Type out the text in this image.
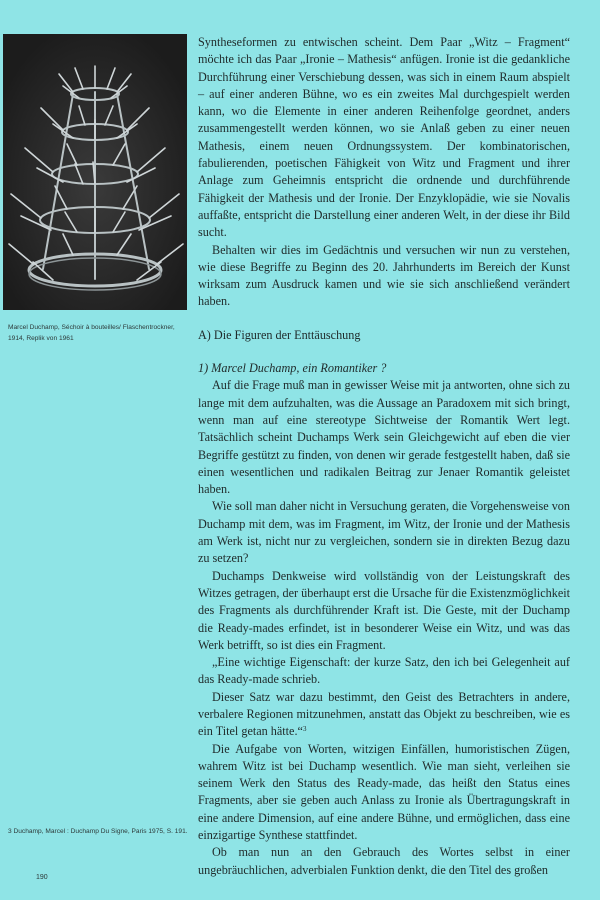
Marcel Duchamp, Séchoir à bouteilles/ Flaschentrockner, 1914, Replik von 1961
3 Duchamp, Marcel : Duchamp Du Signe, Paris 1975, S. 191.
190

Syntheseformen zu entwischen scheint. Dem Paar „Witz – Fragment“ möchte ich das Paar „Ironie – Mathesis“ anfügen. Ironie ist die gedankliche Durchführung einer Verschiebung dessen, was sich in einem Raum abspielt – auf einer anderen Bühne, wo es ein zweites Mal durchgespielt werden kann, wo die Elemente in einer anderen Reihenfolge geordnet, anders zusammengestellt werden können, wo sie Anlaß geben zu einer neuen Mathesis, einem neuen Ordnungssystem. Der kombinatorischen, fabulierenden, poetischen Fähigkeit von Witz und Fragment und ihrer Anlage zum Geheimnis entspricht die ordnende und durchführende Fähigkeit der Mathesis und der Ironie. Der Enzyklopädie, wie sie Novalis auffaßte, entspricht die Darstellung einer anderen Welt, in der diese ihr Bild sucht.

Behalten wir dies im Gedächtnis und versuchen wir nun zu verstehen, wie diese Begriffe zu Beginn des 20. Jahrhunderts im Bereich der Kunst wirksam zum Ausdruck kamen und wie sie sich anschließend verändert haben.

A) Die Figuren der Enttäuschung
1) Marcel Duchamp, ein Romantiker ?

Auf die Frage muß man in gewisser Weise mit ja antworten, ohne sich zu lange mit dem aufzuhalten, was die Aussage an Paradoxem mit sich bringt, wenn man auf eine stereotype Sichtweise der Romantik Wert legt. Tatsächlich scheint Duchamps Werk sein Gleichgewicht auf eben die vier Begriffe gestützt zu finden, von denen wir gerade festgestellt haben, daß sie einen wesentlichen und radikalen Beitrag zur Jenaer Romantik geleistet haben.

Wie soll man daher nicht in Versuchung geraten, die Vorgehensweise von Duchamp mit dem, was im Fragment, im Witz, der Ironie und der Mathesis am Werk ist, nicht nur zu vergleichen, sondern sie in direkten Bezug dazu zu setzen?

Duchamps Denkweise wird vollständig von der Leistungskraft des Witzes getragen, der überhaupt erst die Ursache für die Existenzmöglichkeit des Fragments als durchführender Kraft ist. Die Geste, mit der Duchamp die Ready-mades erfindet, ist in besonderer Weise ein Witz, und was das Werk betrifft, so ist dies ein Fragment.

„Eine wichtige Eigenschaft: der kurze Satz, den ich bei Gelegenheit auf das Ready-made schrieb.

Dieser Satz war dazu bestimmt, den Geist des Betrachters in andere, verbalere Regionen mitzunehmen, anstatt das Objekt zu beschreiben, wie es ein Titel getan hätte.“$^3$

Die Aufgabe von Worten, witzigen Einfällen, humoristischen Zügen, wahrem Witz ist bei Duchamp wesentlich. Wie man sieht, verleihen sie seinem Werk den Status des Ready-made, das heißt den Status eines Fragments, aber sie geben auch Anlass zu Ironie als Übertragungskraft in eine andere Dimension, auf eine andere Bühne, und ermöglichen, dass eine einzigartige Synthese stattfindet.

Ob man nun an den Gebrauch des Wortes selbst in einer ungebräuchlichen, adverbialen Funktion denkt, die den Titel des großen
